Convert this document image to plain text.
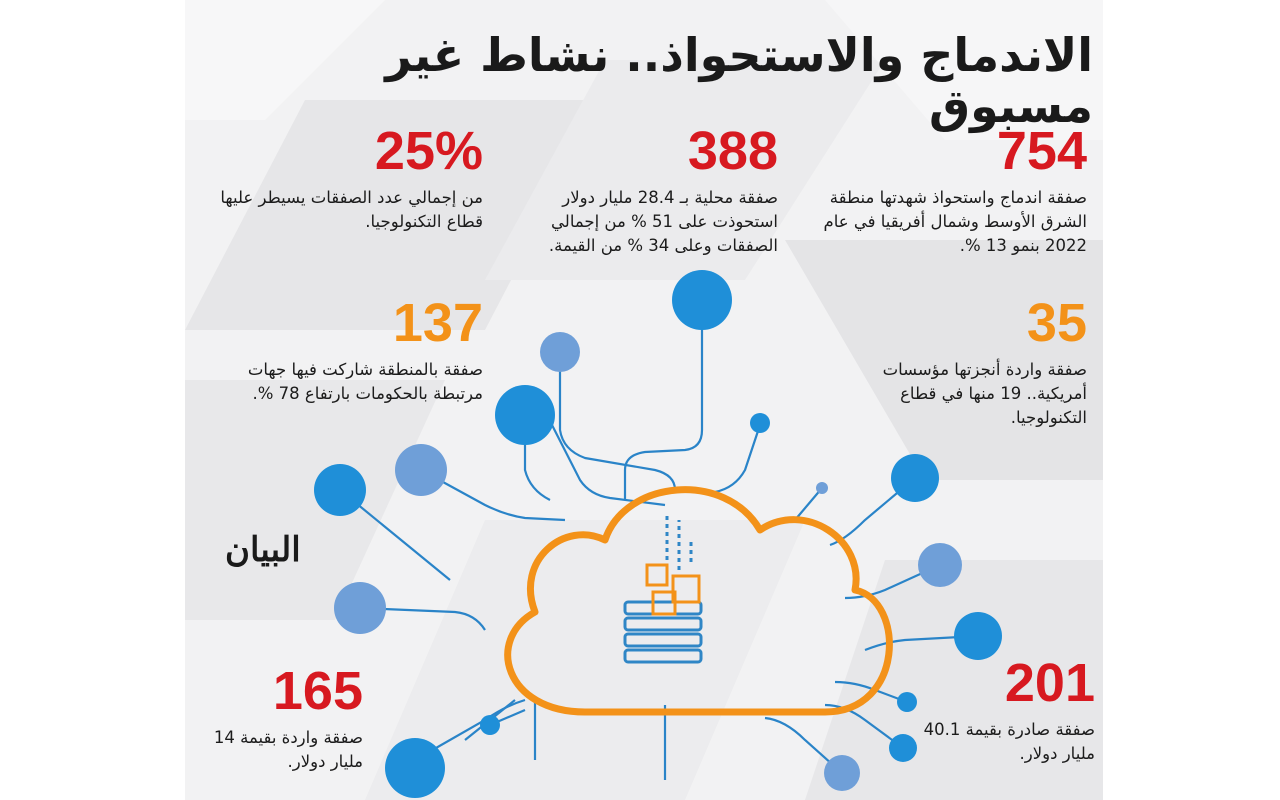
الاندماج والاستحواذ.. نشاط غير مسبوق
754
صفقة اندماج واستحواذ شهدتها منطقة الشرق الأوسط وشمال أفريقيا في عام 2022 بنمو 13 %.
388
صفقة محلية بـ 28.4 مليار دولار استحوذت على 51 % من إجمالي الصفقات وعلى 34 % من القيمة.
25%
من إجمالي عدد الصفقات يسيطر عليها قطاع التكنولوجيا.
35
صفقة واردة أنجزتها مؤسسات أمريكية.. 19 منها في قطاع التكنولوجيا.
137
صفقة بالمنطقة شاركت فيها جهات مرتبطة بالحكومات بارتفاع 78 %.
201
صفقة صادرة بقيمة 40.1 مليار دولار.
165
صفقة واردة بقيمة 14 مليار دولار.
البيان
